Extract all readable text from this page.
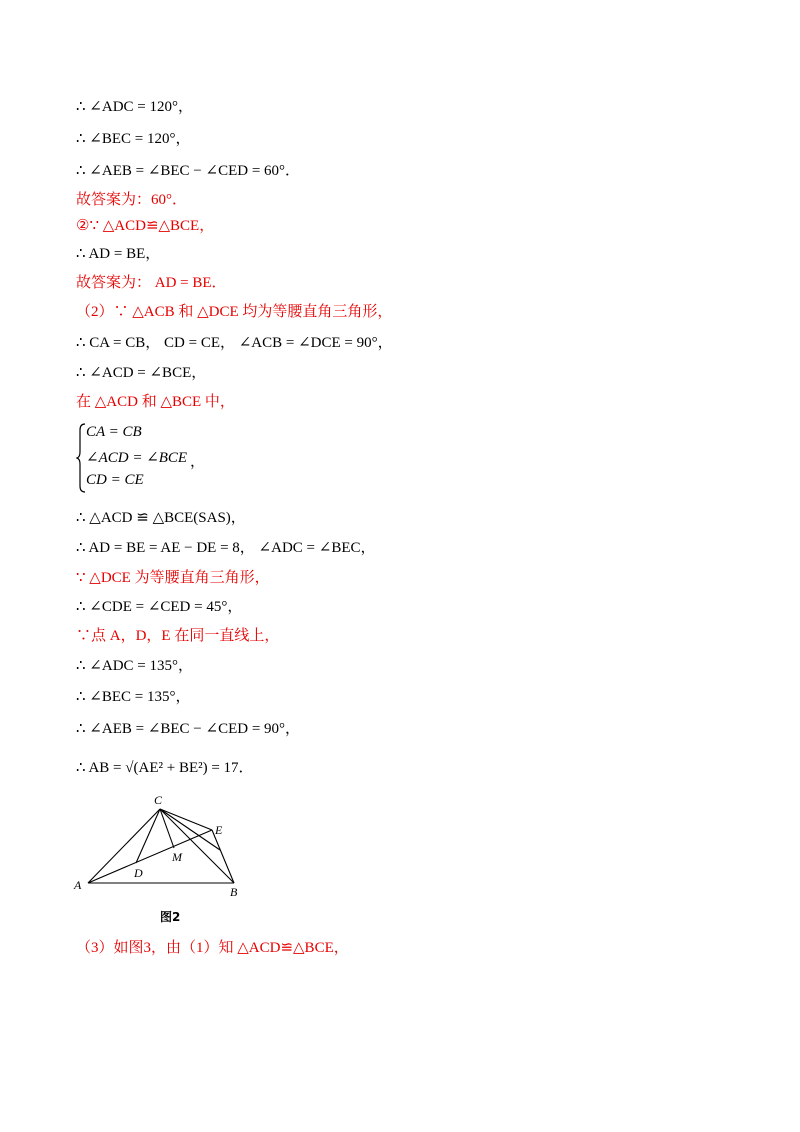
∴ ∠ADC = 120°，
∴ ∠BEC = 120°，
∴ ∠AEB = ∠BEC − ∠CED = 60°．
故答案为：60°．
②∵ △ACD≌△BCE，
∴ AD = BE，
故答案为： AD = BE．
（2）∵ △ACB 和 △DCE 均为等腰直角三角形，
∴ CA = CB， CD = CE， ∠ACB = ∠DCE = 90°，
∴ ∠ACD = ∠BCE，
在 △ACD 和 △BCE 中，
CA = CB
∠ACD = ∠BCE
CD = CE
，
∴ △ACD ≌ △BCE(SAS)，
∴ AD = BE = AE − DE = 8， ∠ADC = ∠BEC，
∵ △DCE 为等腰直角三角形，
∴ ∠CDE = ∠CED = 45°，
∵点 A，D，E 在同一直线上，
∴ ∠ADC = 135°，
∴ ∠BEC = 135°，
∴ ∠AEB = ∠BEC − ∠CED = 90°，
∴ AB = √(AE² + BE²) = 17．
C
E
M
D
A	B
图2
（3）如图3，由（1）知 △ACD≌△BCE，
